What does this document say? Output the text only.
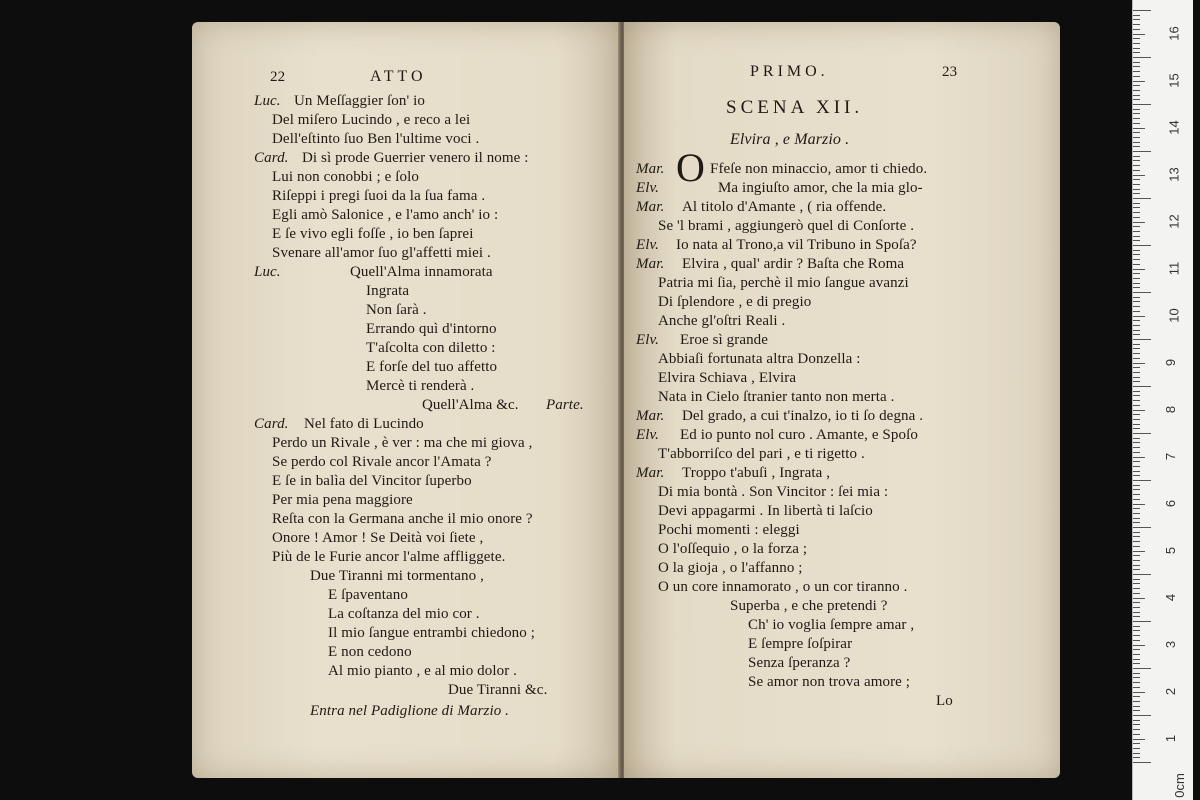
22	ATTO
Luc. Un Meſſaggier ſon' io
Del miſero Lucindo , e reco a lei
Dell'eſtinto ſuo Ben l'ultime voci .
Card. Di sì prode Guerrier venero il nome :
Lui non conobbi ; e ſolo
Riſeppi i pregi ſuoi da la ſua fama .
Egli amò Salonice , e l'amo anch' io :
E ſe vivo egli foſſe , io ben ſaprei
Svenare all'amor ſuo gl'affetti miei .
Luc.	Quell'Alma innamorata
Ingrata
Non ſarà .
Errando quì d'intorno
T'aſcolta con diletto :
E forſe del tuo affetto
Mercè ti renderà .
Quell'Alma &c. Parte.
Card. Nel fato di Lucindo
Perdo un Rivale , è ver : ma che mi giova ,
Se perdo col Rivale ancor l'Amata ?
E ſe in balìa del Vincitor ſuperbo
Per mia pena maggiore
Reſta con la Germana anche il mio onore ?
Onore ! Amor ! Se Deità voi ſiete ,
Più de le Furie ancor l'alme affliggete.
Due Tiranni mi tormentano ,
E ſpaventano
La coſtanza del mio cor .
Il mio ſangue entrambi chiedono ;
E non cedono
Al mio pianto , e al mio dolor .
Due Tiranni &c.
Entra nel Padiglione di Marzio .
PRIMO.	23
SCENA XII.
Elvira , e Marzio .
O
Mar.	Ffeſe non minaccio, amor ti chiedo.
Elv.	Ma ingiuſto amor, che la mia glo-
Mar. Al titolo d'Amante , ( ria offende.
Se 'l brami , aggiungerò quel di Conſorte .
Elv. Io nata al Trono,a vil Tribuno in Spoſa?
Mar. Elvira , qual' ardir ? Baſta che Roma
Patria mi ſia, perchè il mio ſangue avanzi
Di ſplendore , e di pregio
Anche gl'oſtri Reali .
Elv. Eroe sì grande
Abbiaſi fortunata altra Donzella :
Elvira Schiava , Elvira
Nata in Cielo ſtranier tanto non merta .
Mar. Del grado, a cui t'inalzo, io ti ſo degna .
Elv. Ed io punto nol curo . Amante, e Spoſo
T'abborriſco del pari , e ti rigetto .
Mar. Troppo t'abuſi , Ingrata ,
Di mia bontà . Son Vincitor : ſei mia :
Devi appagarmi . In libertà ti laſcio
Pochi momenti : eleggi
O l'oſſequio , o la forza ;
O la gioja , o l'affanno ;
O un core innamorato , o un cor tiranno .
Superba , e che pretendi ?
Ch' io voglia ſempre amar ,
E ſempre ſoſpirar
Senza ſperanza ?
Se amor non trova amore ;
Lo
16
15
14
13
12
11
10
9
8
7
6
5
4
3
2
1
0cm
